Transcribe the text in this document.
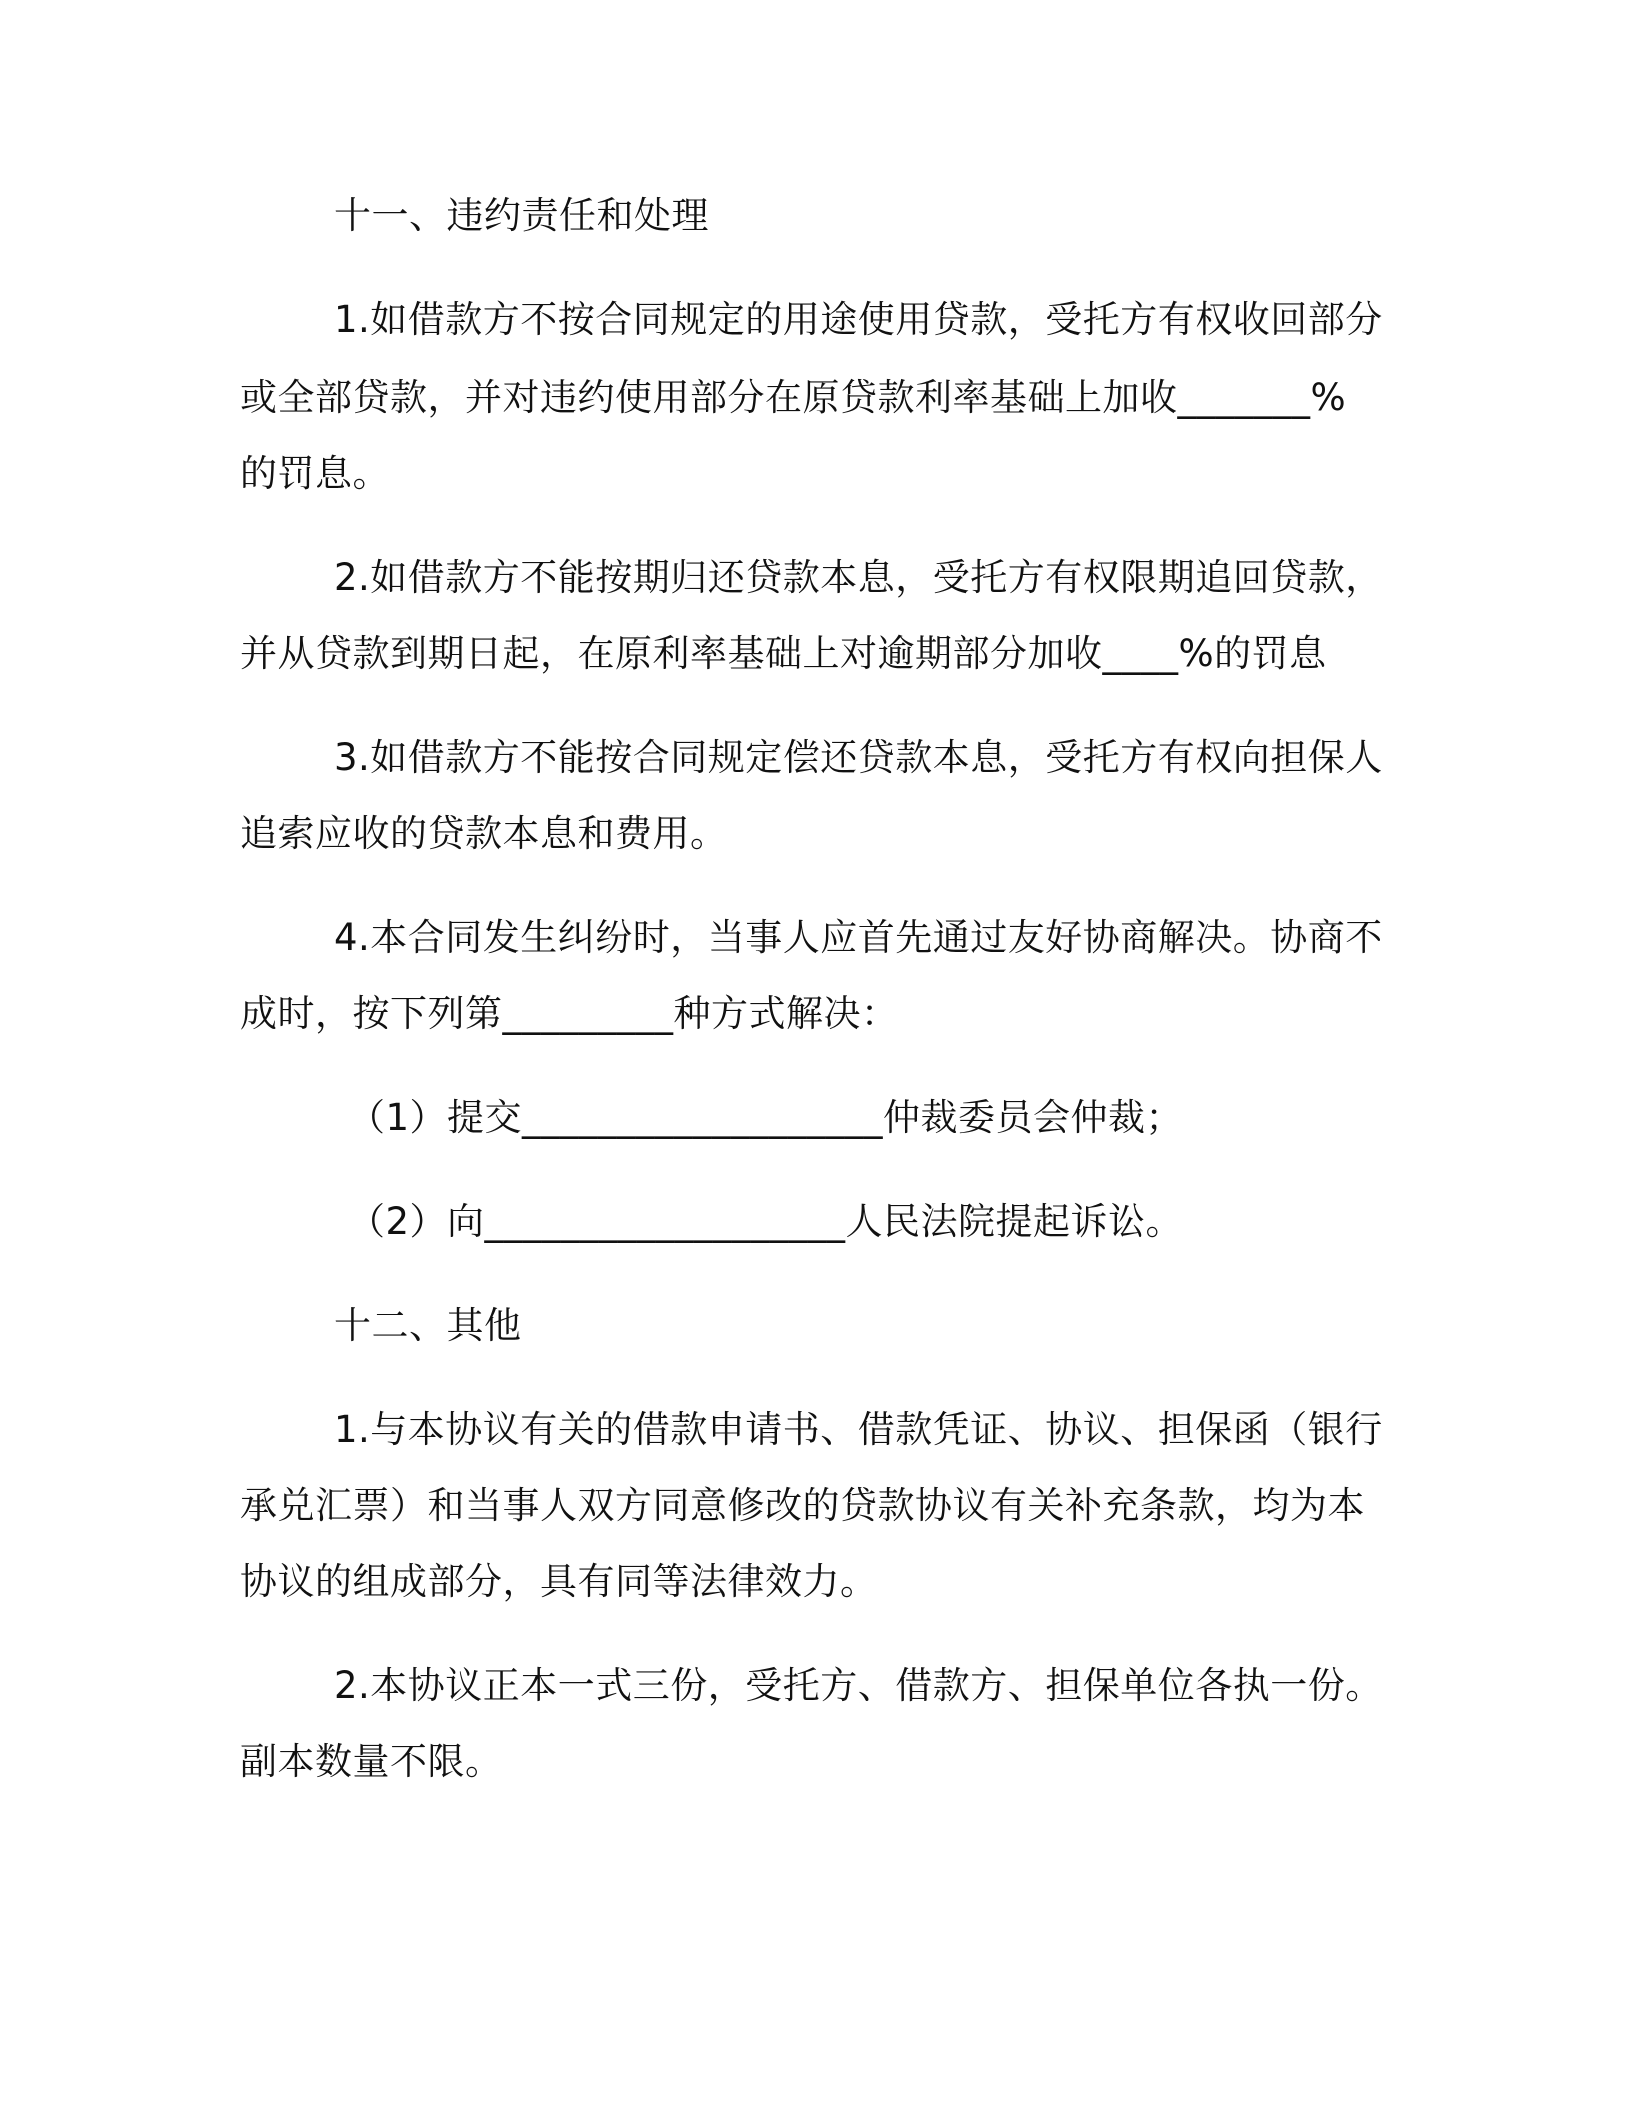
十一、违约责任和处理
1.如借款方不按合同规定的用途使用贷款，受托方有权收回部分
或全部贷款，并对违约使用部分在原贷款利率基础上加收_______%
的罚息。
2.如借款方不能按期归还贷款本息，受托方有权限期追回贷款，
并从贷款到期日起，在原利率基础上对逾期部分加收____%的罚息
3.如借款方不能按合同规定偿还贷款本息，受托方有权向担保人
追索应收的贷款本息和费用。
4.本合同发生纠纷时，当事人应首先通过友好协商解决。协商不
成时，按下列第_________种方式解决：
（1）提交___________________仲裁委员会仲裁；
（2）向___________________人民法院提起诉讼。
十二、其他
1.与本协议有关的借款申请书、借款凭证、协议、担保函（银行
承兑汇票）和当事人双方同意修改的贷款协议有关补充条款，均为本
协议的组成部分，具有同等法律效力。
2.本协议正本一式三份，受托方、借款方、担保单位各执一份。
副本数量不限。
